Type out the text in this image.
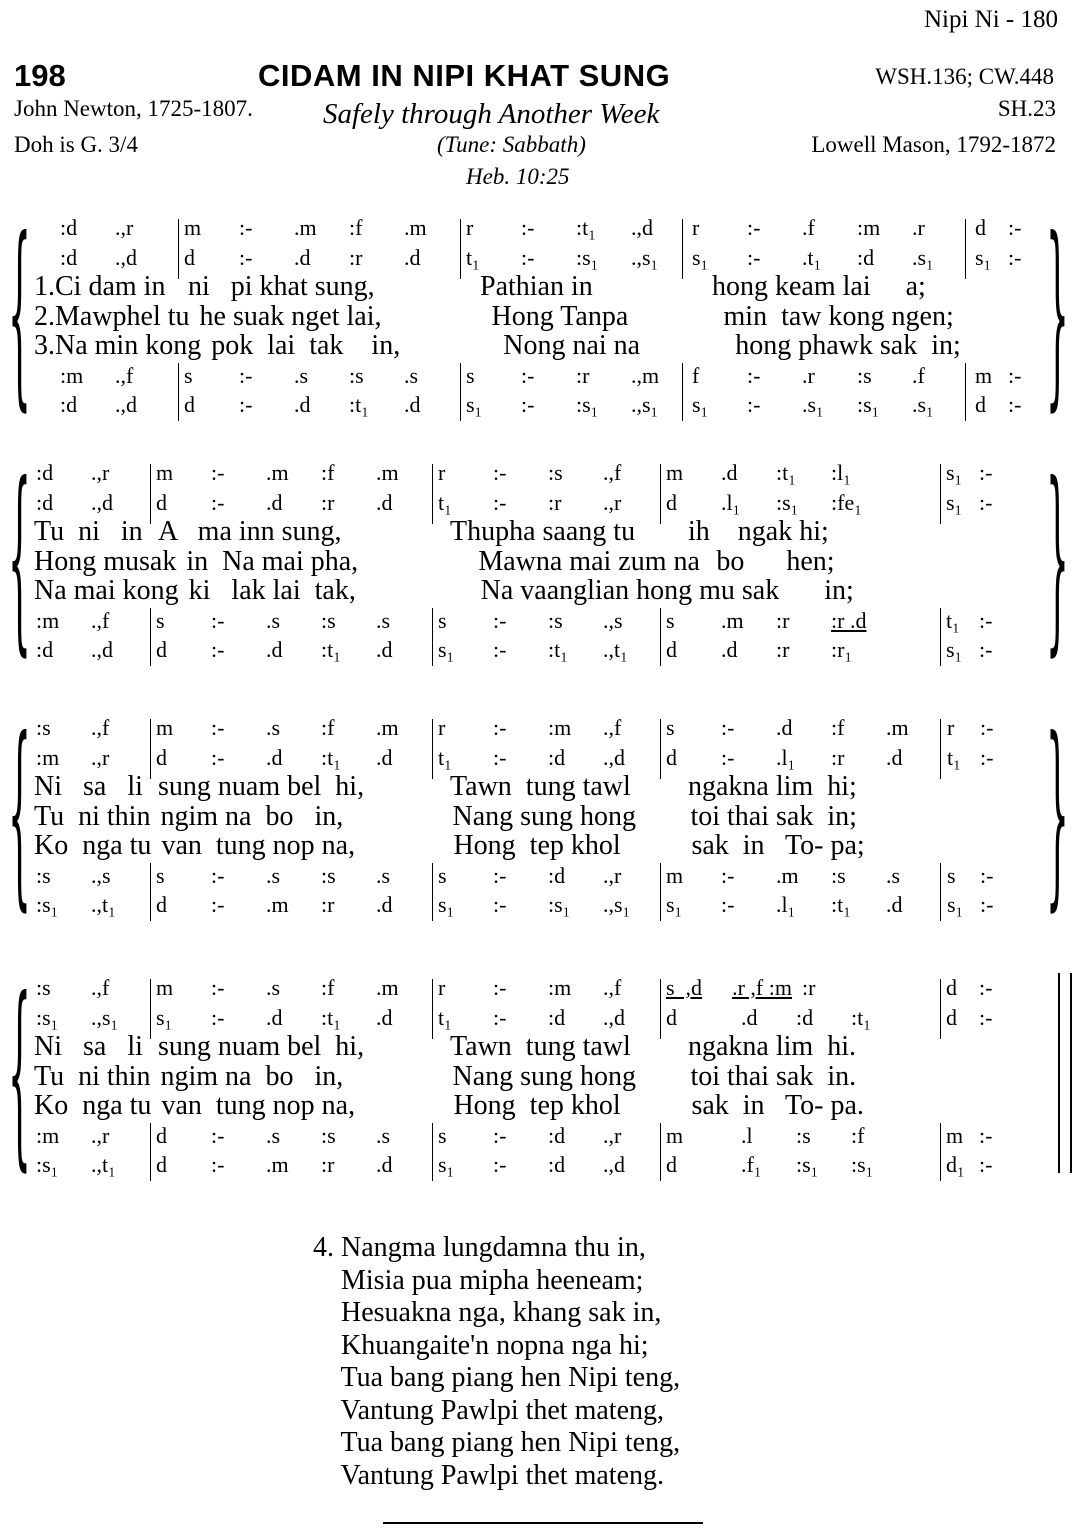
Nipi Ni - 180
198	CIDAM IN NIPI KHAT SUNG	WSH.136; CW.448
John Newton, 1725-1807. Safely through Another Week	SH.23
Doh is G. 3/4	(Tune: Sabbath)	Lowell Mason, 1792-1872
Heb. 10:25
{	}
:d	.,r	m	:-	.m	:f	.m	r	:-	:t₁	.,d	r	:-	.f	:m	.r	d	:-
:d	.,d	d	:-	.d	:r	.d	t₁	:-	:s₁	.,s₁	s₁	:-	.t₁	:d	.s₁	s₁ :-
1.Ci dam in ni   pi khat sung,	Pathian in	hong keam lai     a;
2.Mawphel tu he suak nget lai,	Hong Tanpa	min  taw kong ngen;
3.Na min kong pok  lai  tak    in,	Nong nai na	hong phawk sak  in;
:m	.,f	s	:-	.s	:s	.s	s	:-	:r	.,m	f	:-	.r	:s	.f	m :-
:d	.,d	d	:-	.d	:t₁	.d	s₁	:-	:s₁	.,s₁	s₁	:-	.s₁	:s₁	.s₁	d	:-
{	}
:d	.,r	m	:-	.m	:f	.m	r	:-	:s	.,f	m	.d	:t₁	:l₁	s₁ :-
:d	.,d	d	:-	.d	:r	.d	t₁	:-	:r	.,r	d	.l₁	:s₁	:fe₁	s₁ :-
Tu  ni   in A   ma inn sung,	Thupha saang tu	ih    ngak hi;
Hong musak in  Na mai pha,	Mawna mai zum na bo      hen;
Na mai kong ki   lak lai  tak,	Na vaanglian hong mu sak in;
:m	.,f	s	:-	.s	:s	.s	s	:-	:s	.,s	s	.m	:r	:r .d	t₁ :-
:d	.,d	d	:-	.d	:t₁	.d	s₁	:-	:t₁	.,t₁	d	.d	:r	:r₁	s₁ :-
{	}
:s	.,f	m	:-	.s	:f	.m	r	:-	:m	.,f	s	:-	.d	:f	.m	r	:-
:m	.,r	d	:-	.d	:t₁	.d	t₁	:-	:d	.,d	d	:-	.l₁	:r	.d	t₁ :-
Ni   sa   li sung nuam bel  hi,	Tawn  tung tawl	ngakna lim  hi;
Tu  ni thin ngim na  bo   in,	Nang sung hong	toi thai sak  in;
Ko  nga tu van  tung nop na,	Hong  tep khol	sak  in   To- pa;
:s	.,s	s	:-	.s	:s	.s	s	:-	:d	.,r	m	:-	.m	:s	.s	s	:-
:s₁	.,t₁	d	:-	.m	:r	.d	s₁	:-	:s₁	.,s₁	s₁	:-	.l₁	:t₁	.d	s₁ :-
{ :s	.,f	m	:-	.s	:f	.m	r	:-	:m	.,f	s  ,d	.r ,f :m :r	d	:-
:s₁	.,s₁	s₁	:-	.d	:t₁	.d	t₁	:-	:d	.,d	d	.d	:d	:t₁	d	:-
Ni   sa   li sung nuam bel  hi,	Tawn  tung tawl	ngakna lim  hi.
Tu  ni thin ngim na  bo   in,	Nang sung hong	toi thai sak  in.
Ko  nga tu van  tung nop na,	Hong  tep khol	sak  in   To- pa.
:m	.,r	d	:-	.s	:s	.s	s	:-	:d	.,r	m	.l	:s	:f	m :-
:s₁	.,t₁	d	:-	.m	:r	.d	s₁	:-	:d	.,d	d	.f₁	:s₁	:s₁	d₁ :-
4. Nangma lungdamna thu in,
Misia pua mipha heeneam;
Hesuakna nga, khang sak in,
Khuangaite'n nopna nga hi;
Tua bang piang hen Nipi teng,
Vantung Pawlpi thet mateng,
Tua bang piang hen Nipi teng,
Vantung Pawlpi thet mateng.
